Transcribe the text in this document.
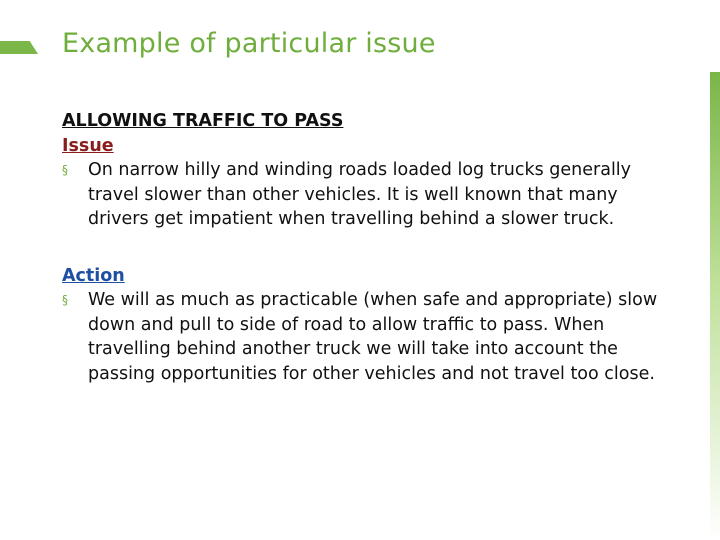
Example of particular issue
ALLOWING TRAFFIC TO PASS
Issue
§	On narrow hilly and winding roads loaded log trucks generally travel slower than other vehicles. It is well known that many drivers get impatient when travelling behind a slower truck.
Action
§	We will as much as practicable (when safe and appropriate) slow down and pull to side of road to allow traffic to pass. When travelling behind another truck we will take into account the passing opportunities for other vehicles and not travel too close.
